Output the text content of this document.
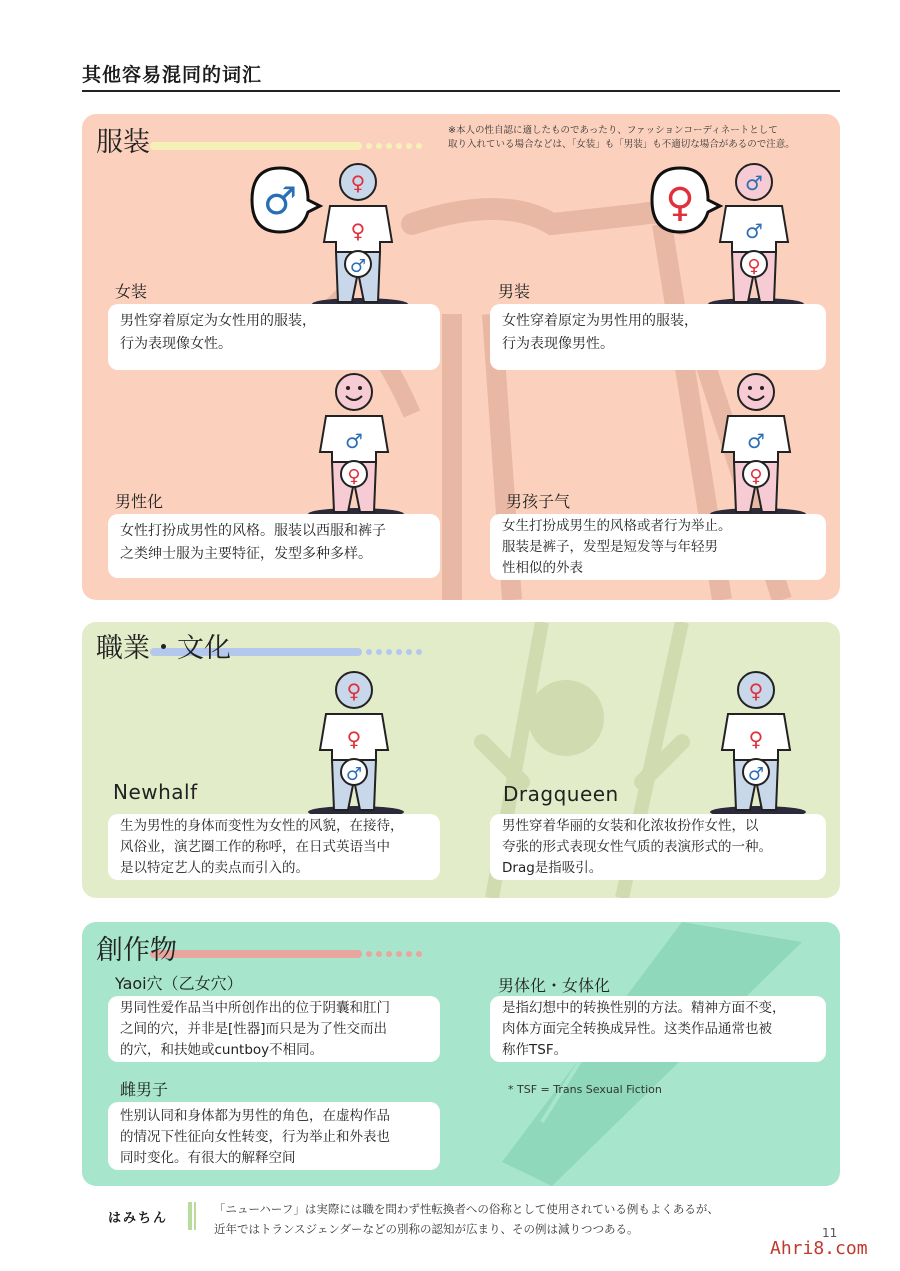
其他容易混同的词汇
服装	※本人の性自認に適したものであったり、ファッションコーディネートとして
取り入れている場合などは、「女装」も「男装」も不適切な場合があるので注意。
♂	♀
♀
♂
♀	♂
♂
♀
女装
男性穿着原定为女性用的服装，
行为表现像女性。
男装
女性穿着原定为男性用的服装，
行为表现像男性。
♂
♀
♂
♀
男性化
女性打扮成男性的风格。服装以西服和裤子
之类绅士服为主要特征，发型多种多样。
男孩子气
女生打扮成男生的风格或者行为举止。
服装是裤子，发型是短发等与年轻男
性相似的外表
職業・文化
♀
♀
♂
♀
♀
♂
Newhalf
生为男性的身体而变性为女性的风貌，在接待，
风俗业，演艺圈工作的称呼，在日式英语当中
是以特定艺人的卖点而引入的。
Dragqueen
男性穿着华丽的女装和化浓妆扮作女性，以
夸张的形式表现女性气质的表演形式的一种。
Drag是指吸引。
創作物
Yaoi穴（乙女穴）
男同性爱作品当中所创作出的位于阴囊和肛门
之间的穴，并非是[性器]而只是为了性交而出
的穴，和扶她或cuntboy不相同。
男体化・女体化
是指幻想中的转换性别的方法。精神方面不变，
肉体方面完全转换成异性。这类作品通常也被
称作TSF。
雌男子
性别认同和身体都为男性的角色，在虚构作品
的情况下性征向女性转变，行为举止和外表也
同时变化。有很大的解释空间
* TSF = Trans Sexual Fiction
はみちん
「ニューハーフ」は実際には職を問わず性転換者への俗称として使用されている例もよくあるが、
近年ではトランスジェンダーなどの別称の認知が広まり、その例は減りつつある。	11
Ahri8.com
